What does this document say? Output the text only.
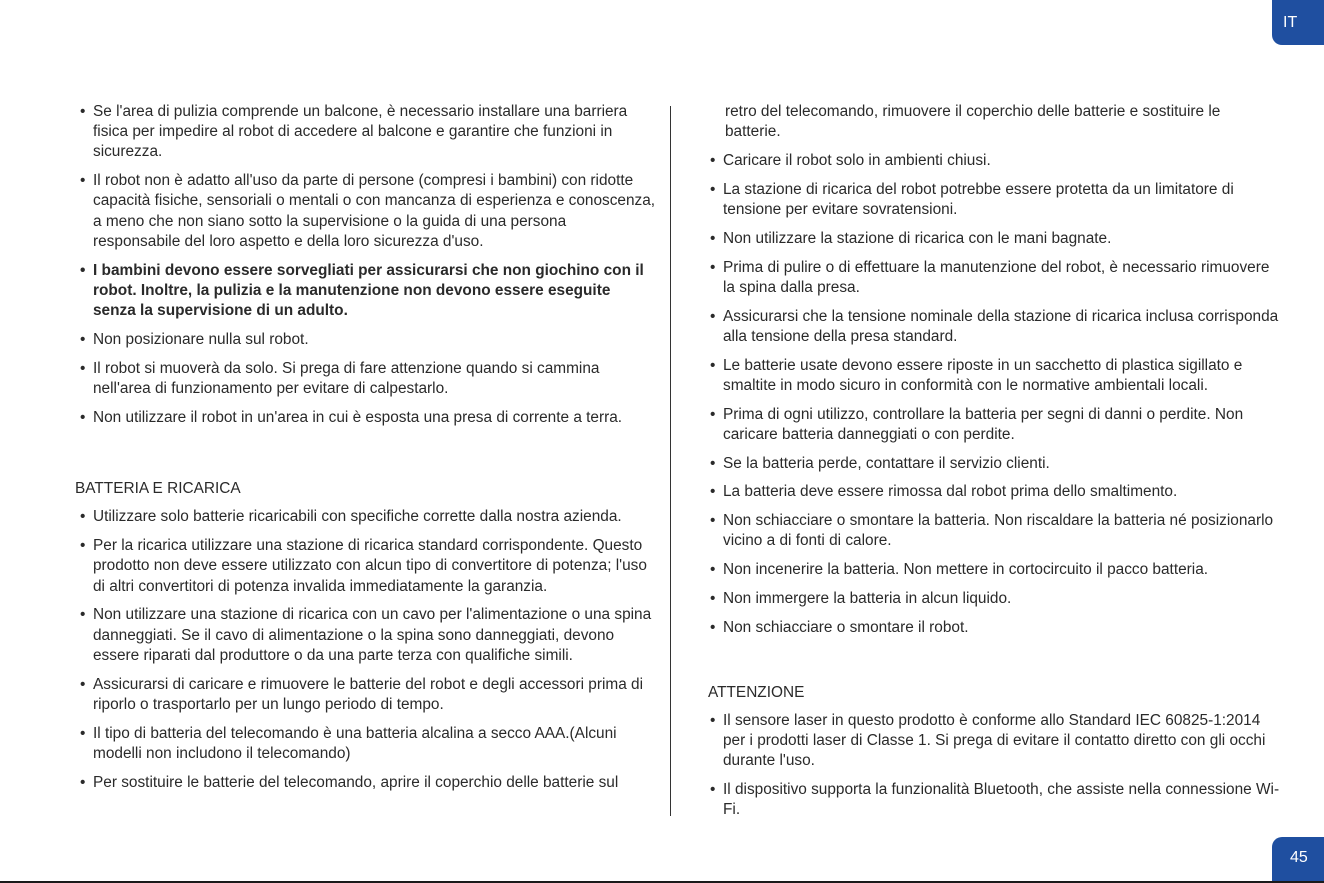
IT
• Se l'area di pulizia comprende un balcone, è necessario installare una barriera fisica per impedire al robot di accedere al balcone e garantire che funzioni in sicurezza.
• Il robot non è adatto all'uso da parte di persone (compresi i bambini) con ridotte capacità fisiche, sensoriali o mentali o con mancanza di esperienza e conoscenza, a meno che non siano sotto la supervisione o la guida di una persona responsabile del loro aspetto e della loro sicurezza d'uso.
• I bambini devono essere sorvegliati per assicurarsi che non giochino con il robot. Inoltre, la pulizia e la manutenzione non devono essere eseguite senza la supervisione di un adulto.
• Non posizionare nulla sul robot.
• Il robot si muoverà da solo. Si prega di fare attenzione quando si cammina nell'area di funzionamento per evitare di calpestarlo.
• Non utilizzare il robot in un'area in cui è esposta una presa di corrente a terra.
BATTERIA E RICARICA
• Utilizzare solo batterie ricaricabili con specifiche corrette dalla nostra azienda.
• Per la ricarica utilizzare una stazione di ricarica standard corrispondente. Questo prodotto non deve essere utilizzato con alcun tipo di convertitore di potenza; l'uso di altri convertitori di potenza invalida immediatamente la garanzia.
• Non utilizzare una stazione di ricarica con un cavo per l'alimentazione o una spina danneggiati. Se il cavo di alimentazione o la spina sono danneggiati, devono essere riparati dal produttore o da una parte terza con qualifiche simili.
• Assicurarsi di caricare e rimuovere le batterie del robot e degli accessori prima di riporlo o trasportarlo per un lungo periodo di tempo.
• Il tipo di batteria del telecomando è una batteria alcalina a secco AAA.(Alcuni modelli non includono il telecomando)
• Per sostituire le batterie del telecomando, aprire il coperchio delle batterie sul
retro del telecomando, rimuovere il coperchio delle batterie e sostituire le batterie.
• Caricare il robot solo in ambienti chiusi.
• La stazione di ricarica del robot potrebbe essere protetta da un limitatore di tensione per evitare sovratensioni.
• Non utilizzare la stazione di ricarica con le mani bagnate.
• Prima di pulire o di effettuare la manutenzione del robot, è necessario rimuovere la spina dalla presa.
• Assicurarsi che la tensione nominale della stazione di ricarica inclusa corrisponda alla tensione della presa standard.
• Le batterie usate devono essere riposte in un sacchetto di plastica sigillato e smaltite in modo sicuro in conformità con le normative ambientali locali.
• Prima di ogni utilizzo, controllare la batteria per segni di danni o perdite. Non caricare batteria danneggiati o con perdite.
• Se la batteria perde, contattare il servizio clienti.
• La batteria deve essere rimossa dal robot prima dello smaltimento.
• Non schiacciare o smontare la batteria. Non riscaldare la batteria né posizionarlo vicino a di fonti di calore.
• Non incenerire la batteria. Non mettere in cortocircuito il pacco batteria.
• Non immergere la batteria in alcun liquido.
• Non schiacciare o smontare il robot.
ATTENZIONE
• Il sensore laser in questo prodotto è conforme allo Standard IEC 60825-1:2014 per i prodotti laser di Classe 1. Si prega di evitare il contatto diretto con gli occhi durante l'uso.
• Il dispositivo supporta la funzionalità Bluetooth, che assiste nella connessione Wi-Fi.
45
